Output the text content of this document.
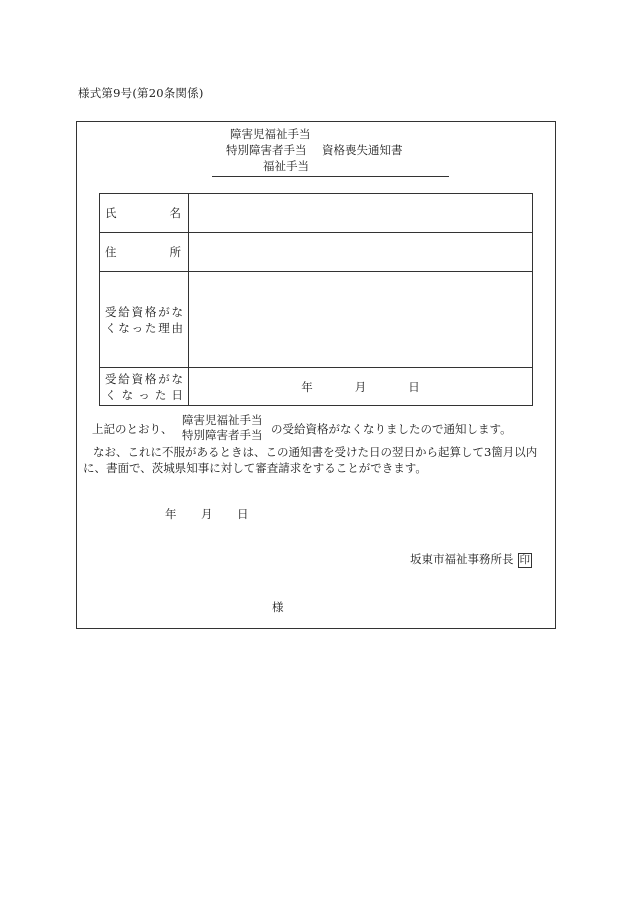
様式第9号(第20条関係)
障害児福祉手当
特別障害者手当
福祉手当
資格喪失通知書
氏 名	

住 所	

受給資格がな
くなった理由	

受給資格がな
くなった日	年 月 日
上記のとおり、
障害児福祉手当
特別障害者手当 の受給資格がなくなりましたので通知します。
なお、これに不服があるときは、この通知書を受けた日の翌日から起算して3箇月以内
に、書面で、茨城県知事に対して審査請求をすることができます。
年 月 日
坂東市福祉事務所長 印
様
